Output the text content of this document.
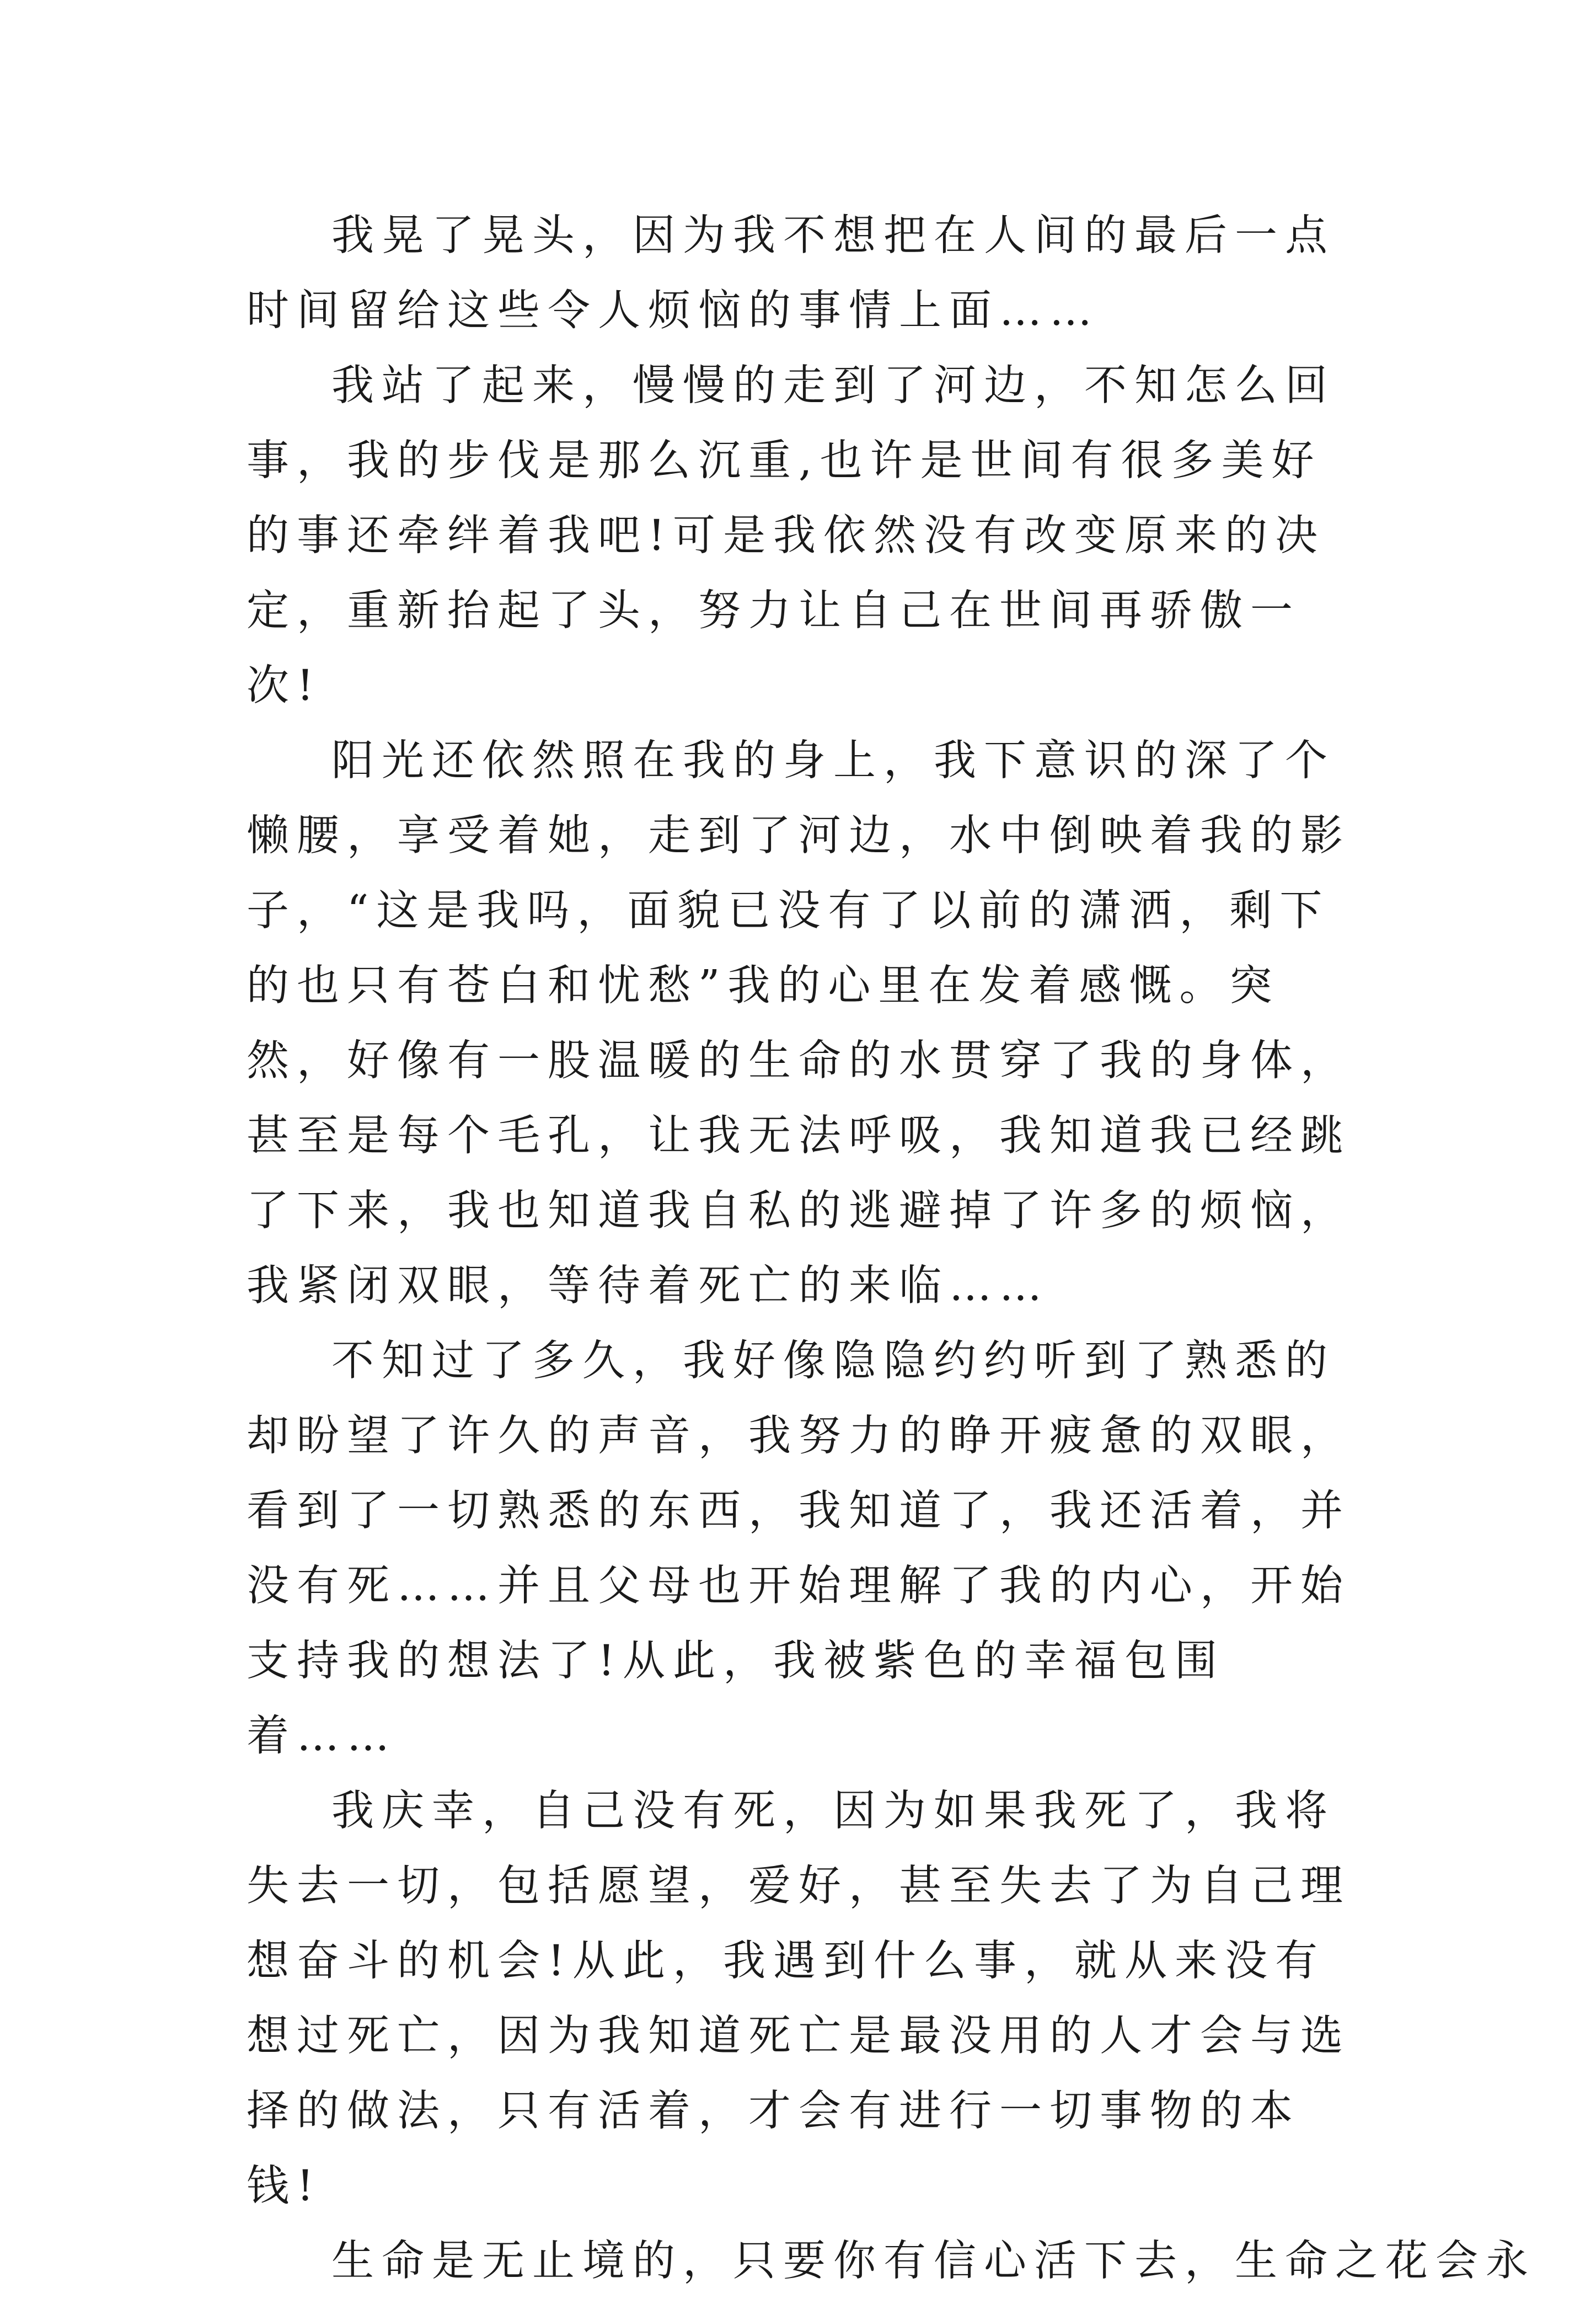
我晃了晃头，因为我不想把在人间的最后一点时间留给这些令人烦恼的事情上面……

我站了起来，慢慢的走到了河边，不知怎么回事，我的步伐是那么沉重,也许是世间有很多美好的事还牵绊着我吧!可是我依然没有改变原来的决定，重新抬起了头，努力让自己在世间再骄傲一次!

阳光还依然照在我的身上，我下意识的深了个懒腰，享受着她，走到了河边，水中倒映着我的影子，“这是我吗，面貌已没有了以前的潇洒，剩下的也只有苍白和忧愁”我的心里在发着感慨。突然，好像有一股温暖的生命的水贯穿了我的身体，甚至是每个毛孔，让我无法呼吸，我知道我已经跳了下来，我也知道我自私的逃避掉了许多的烦恼，我紧闭双眼，等待着死亡的来临……

不知过了多久，我好像隐隐约约听到了熟悉的却盼望了许久的声音，我努力的睁开疲惫的双眼，看到了一切熟悉的东西，我知道了，我还活着，并没有死……并且父母也开始理解了我的内心，开始支持我的想法了!从此，我被紫色的幸福包围着……

我庆幸，自己没有死，因为如果我死了，我将失去一切，包括愿望，爱好，甚至失去了为自己理想奋斗的机会!从此，我遇到什么事，就从来没有想过死亡，因为我知道死亡是最没用的人才会与选择的做法，只有活着，才会有进行一切事物的本钱!

生命是无止境的，只要你有信心活下去，生命之花会永
